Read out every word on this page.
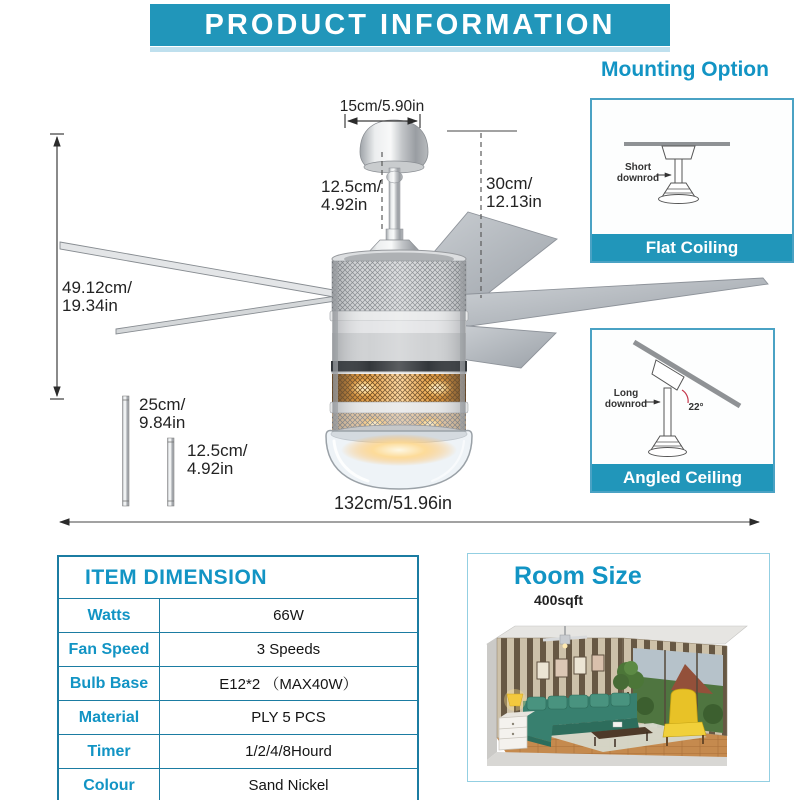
15cm/5.90in
12.5cm/
4.92in
30cm/
12.13in
49.12cm/
19.34in
25cm/
9.84in
12.5cm/
4.92in
132cm/51.96in
PRODUCT INFORMATION
Mounting Option
Short
downrod
Flat Coiling
22°
Long
downrod
Angled Ceiling
ITEM DIMENSION
Watts	66W
Fan Speed	3 Speeds
Bulb Base	E12*2 （MAX40W）
Material	PLY 5 PCS
Timer	1/2/4/8Hourd
Colour	Sand Nickel
Room Size
400sqft
